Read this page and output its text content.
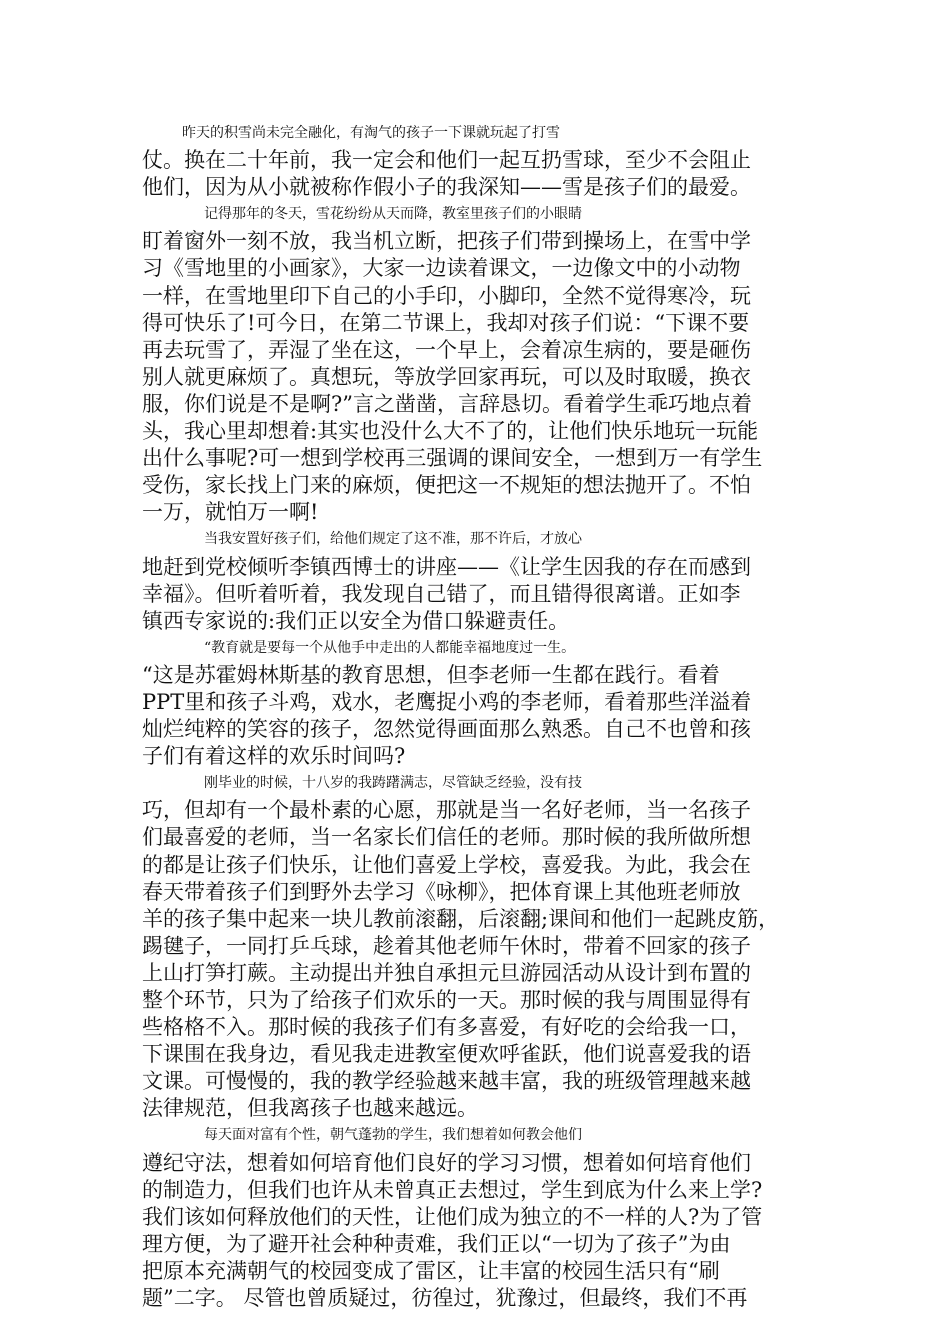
昨天的积雪尚未完全融化，有淘气的孩子一下课就玩起了打雪
仗。换在二十年前，我一定会和他们一起互扔雪球，至少不会阻止
他们，因为从小就被称作假小子的我深知——雪是孩子们的最爱。
记得那年的冬天，雪花纷纷从天而降，教室里孩子们的小眼睛
盯着窗外一刻不放，我当机立断，把孩子们带到操场上，在雪中学
习《雪地里的小画家》，大家一边读着课文，一边像文中的小动物
一样，在雪地里印下自己的小手印，小脚印，全然不觉得寒冷，玩
得可快乐了!可今日，在第二节课上，我却对孩子们说：“下课不要
再去玩雪了，弄湿了坐在这，一个早上，会着凉生病的，要是砸伤
别人就更麻烦了。真想玩，等放学回家再玩，可以及时取暖，换衣
服，你们说是不是啊?”言之凿凿，言辞恳切。看着学生乖巧地点着
头，我心里却想着:其实也没什么大不了的，让他们快乐地玩一玩能
出什么事呢?可一想到学校再三强调的课间安全，一想到万一有学生
受伤，家长找上门来的麻烦，便把这一不规矩的想法抛开了。不怕
一万，就怕万一啊!
当我安置好孩子们，给他们规定了这不准，那不许后，才放心
地赶到党校倾听李镇西博士的讲座——《让学生因我的存在而感到
幸福》。但听着听着，我发现自己错了，而且错得很离谱。正如李
镇西专家说的:我们正以安全为借口躲避责任。
“教育就是要每一个从他手中走出的人都能幸福地度过一生。
“这是苏霍姆林斯基的教育思想，但李老师一生都在践行。看着
PPT里和孩子斗鸡，戏水，老鹰捉小鸡的李老师，看着那些洋溢着
灿烂纯粹的笑容的孩子，忽然觉得画面那么熟悉。自己不也曾和孩
子们有着这样的欢乐时间吗?
刚毕业的时候，十八岁的我踌躇满志，尽管缺乏经验，没有技
巧，但却有一个最朴素的心愿，那就是当一名好老师，当一名孩子
们最喜爱的老师，当一名家长们信任的老师。那时候的我所做所想
的都是让孩子们快乐，让他们喜爱上学校，喜爱我。为此，我会在
春天带着孩子们到野外去学习《咏柳》，把体育课上其他班老师放
羊的孩子集中起来一块儿教前滚翻，后滚翻;课间和他们一起跳皮筋，
踢毽子，一同打乒乓球，趁着其他老师午休时，带着不回家的孩子
上山打笋打蕨。主动提出并独自承担元旦游园活动从设计到布置的
整个环节，只为了给孩子们欢乐的一天。那时候的我与周围显得有
些格格不入。那时候的我孩子们有多喜爱，有好吃的会给我一口，
下课围在我身边，看见我走进教室便欢呼雀跃，他们说喜爱我的语
文课。可慢慢的，我的教学经验越来越丰富，我的班级管理越来越
法律规范，但我离孩子也越来越远。
每天面对富有个性，朝气蓬勃的学生，我们想着如何教会他们
遵纪守法，想着如何培育他们良好的学习习惯，想着如何培育他们
的制造力，但我们也许从未曾真正去想过，学生到底为什么来上学?
我们该如何释放他们的天性，让他们成为独立的不一样的人?为了管
理方便，为了避开社会种种责难，我们正以“一切为了孩子”为由
把原本充满朝气的校园变成了雷区，让丰富的校园生活只有“刷
题”二字。 尽管也曾质疑过，彷徨过，犹豫过，但最终，我们不再
